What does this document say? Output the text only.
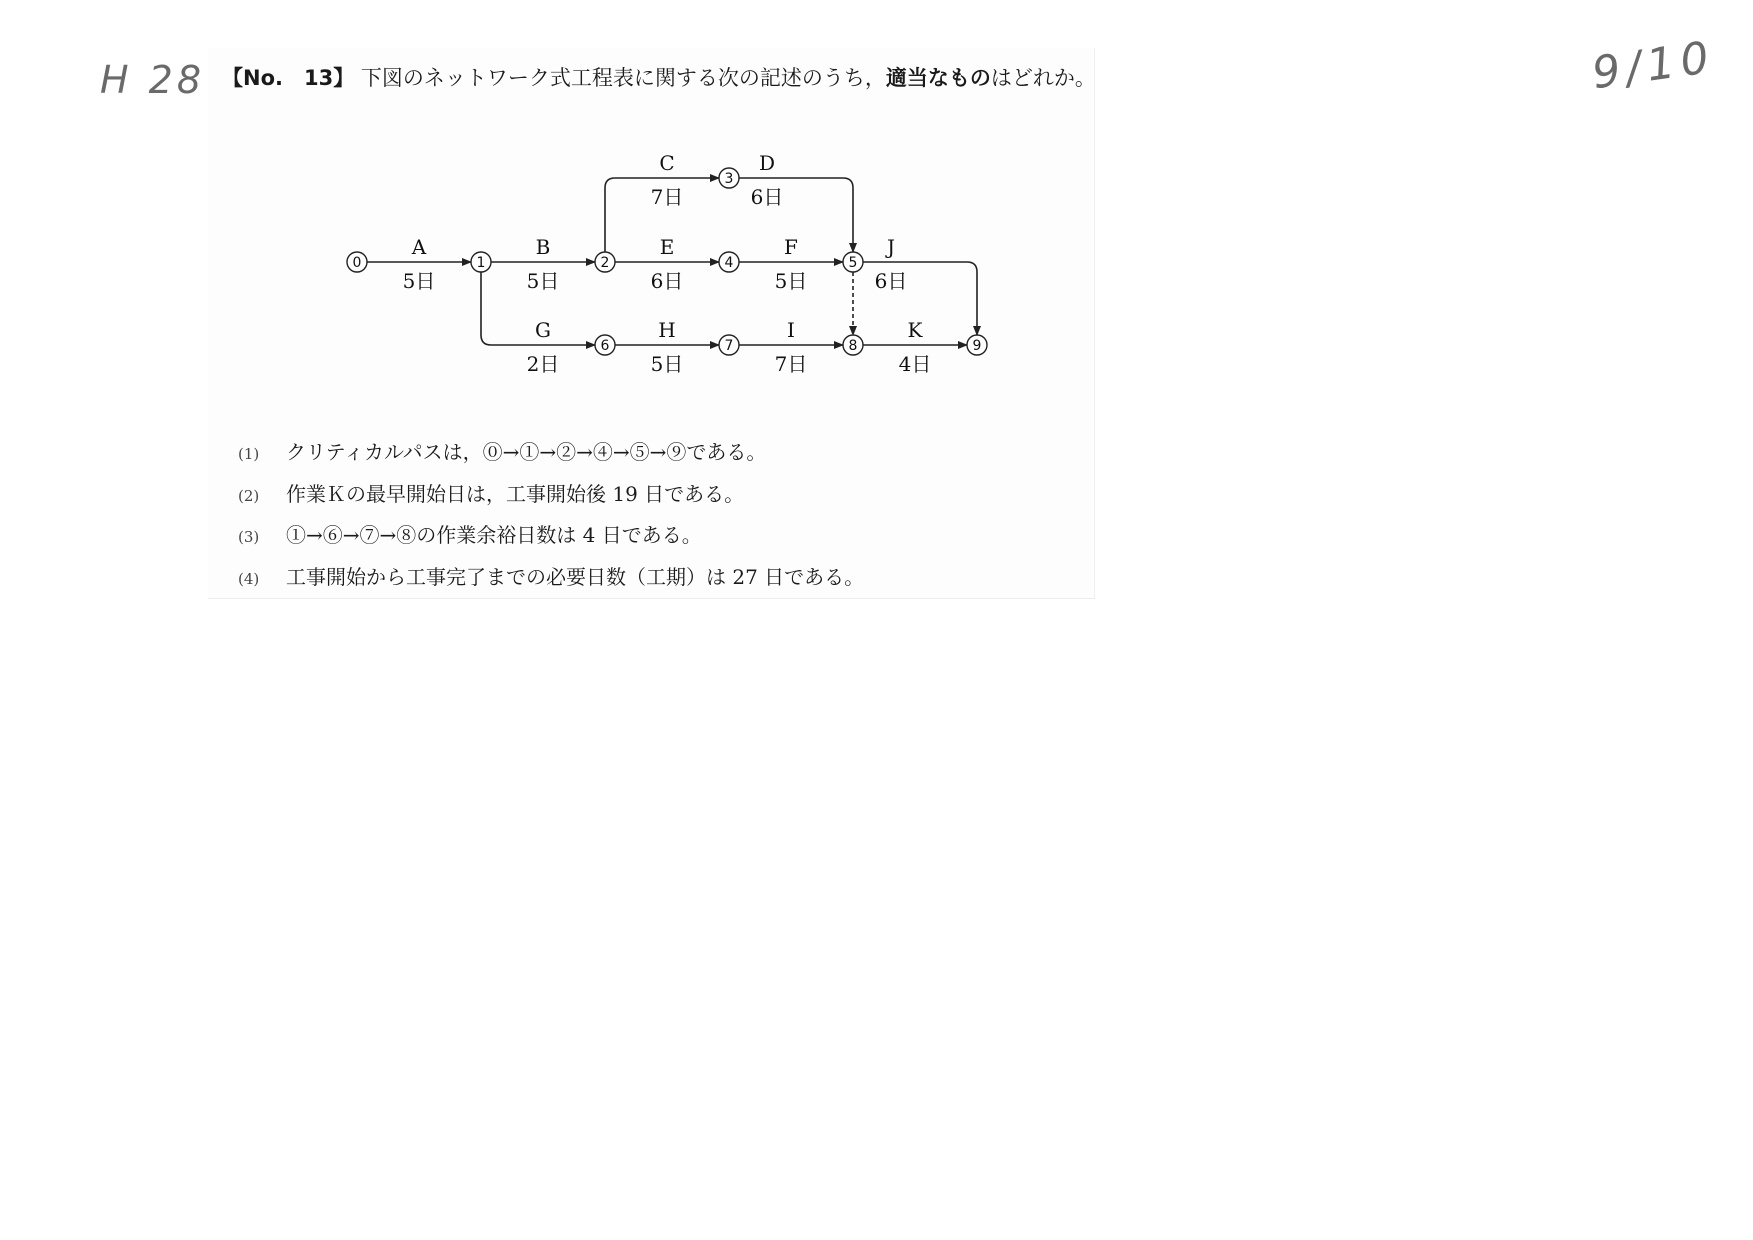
H 28	9/10
【No.　13】 下図のネットワーク式工程表に関する次の記述のうち，適当なものはどれか。
0	1	2
3
4	5
6	7	8	9
A
5日
B
5日
C
7日
D
6日
E
6日
F
5日
J
6日
G
2日
H
5日
I
7日
K
4日
(1) クリティカルパスは，⓪→①→②→④→⑤→⑨である。
(2) 作業Ｋの最早開始日は，工事開始後 19 日である。
(3) ①→⑥→⑦→⑧の作業余裕日数は 4 日である。
(4) 工事開始から工事完了までの必要日数（工期）は 27 日である。
